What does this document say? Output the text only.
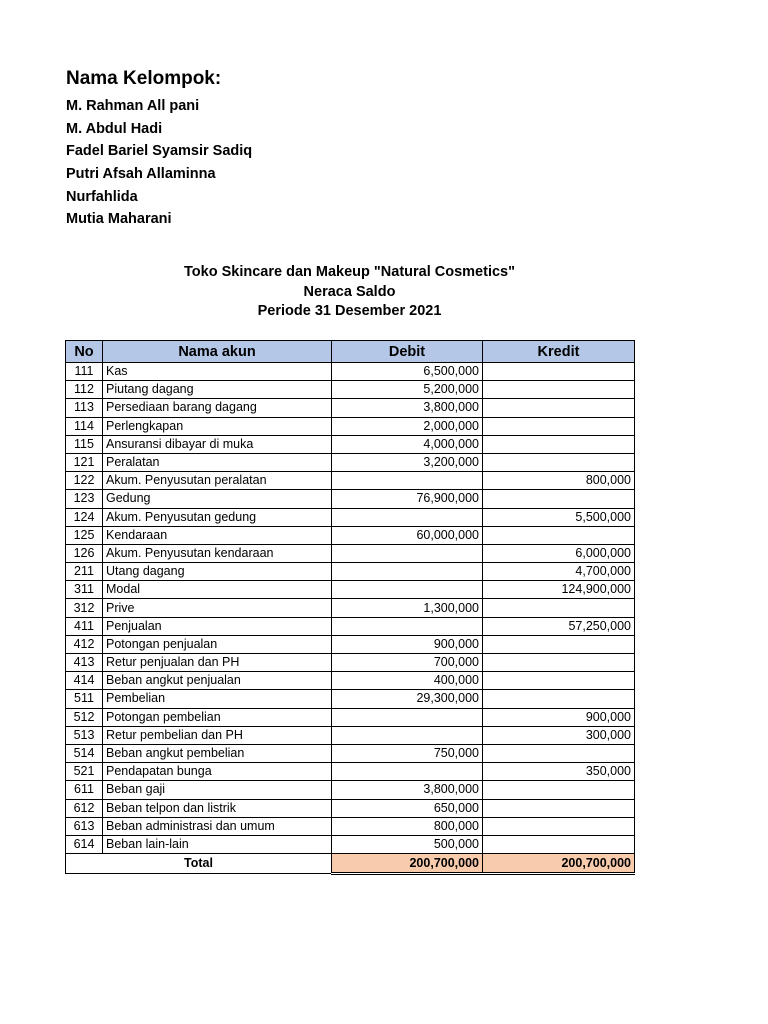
Nama Kelompok:
M. Rahman All pani
M. Abdul Hadi
Fadel Bariel Syamsir Sadiq
Putri Afsah Allaminna
Nurfahlida
Mutia Maharani
Toko Skincare dan Makeup "Natural Cosmetics"
Neraca Saldo
Periode 31 Desember 2021
No	Nama akun	Debit	Kredit
111	Kas	6,500,000	
112	Piutang dagang	5,200,000	
113	Persediaan barang dagang	3,800,000	
114	Perlengkapan	2,000,000	
115	Ansuransi dibayar di muka	4,000,000	
121	Peralatan	3,200,000	
122	Akum. Penyusutan peralatan		800,000
123	Gedung	76,900,000	
124	Akum. Penyusutan gedung		5,500,000
125	Kendaraan	60,000,000	
126	Akum. Penyusutan kendaraan		6,000,000
211	Utang dagang		4,700,000
311	Modal		124,900,000
312	Prive	1,300,000	
411	Penjualan		57,250,000
412	Potongan penjualan	900,000	
413	Retur penjualan dan PH	700,000	
414	Beban angkut penjualan	400,000	
511	Pembelian	29,300,000	
512	Potongan pembelian		900,000
513	Retur pembelian dan PH		300,000
514	Beban angkut pembelian	750,000	
521	Pendapatan bunga		350,000
611	Beban gaji	3,800,000	
612	Beban telpon dan listrik	650,000	
613	Beban administrasi dan umum	800,000	
614	Beban lain-lain	500,000	
Total		200,700,000	200,700,000
